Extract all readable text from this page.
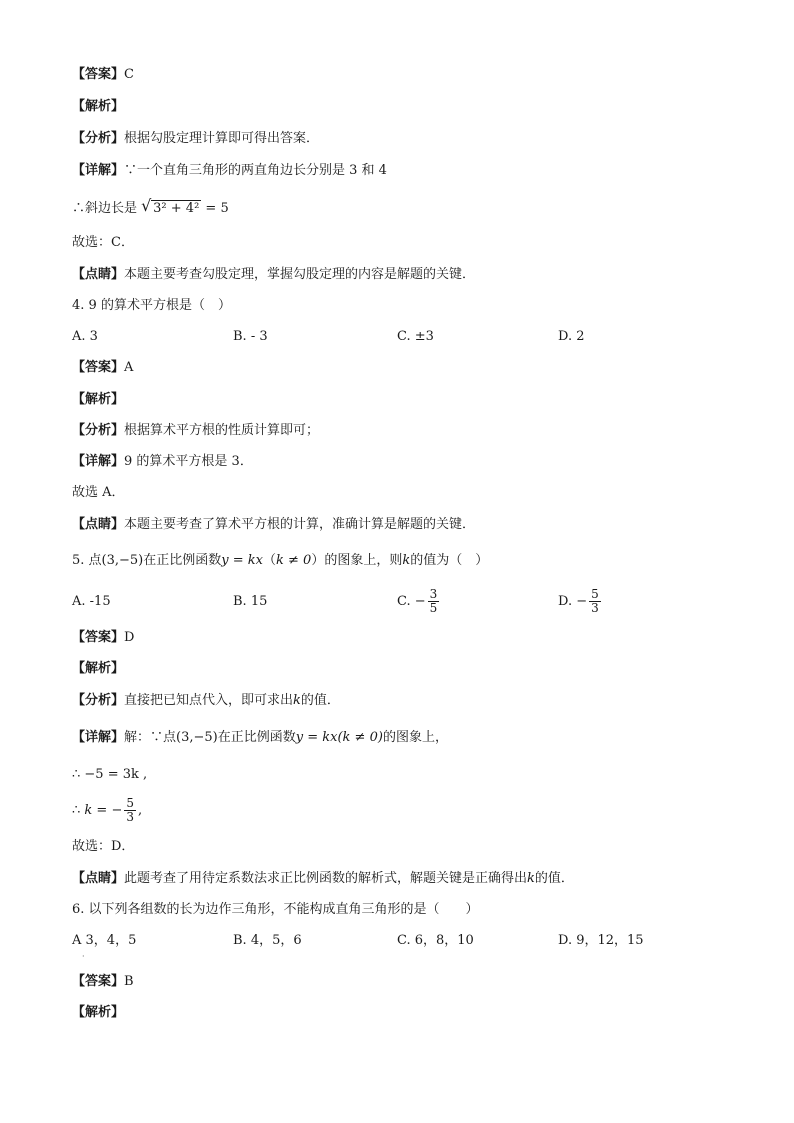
【答案】C
【解析】
【分析】根据勾股定理计算即可得出答案．
【详解】∵一个直角三角形的两直角边长分别是 3 和 4
∴斜边长是 √ 3² + 4² = 5
故选：C．
【点睛】本题主要考查勾股定理，掌握勾股定理的内容是解题的关键．
4. 9 的算术平方根是（　）
A. 3	B. - 3	C. ±3	D. 2
【答案】A
【解析】
【分析】根据算术平方根的性质计算即可；
【详解】9 的算术平方根是 3．
故选 A．
【点睛】本题主要考查了算术平方根的计算，准确计算是解题的关键．
5. 点(3,−5)在正比例函数y = kx（k ≠ 0）的图象上，则k的值为（　）
A. -15	B. 15	C. − $\frac{3}{5}$	D. − $\frac{5}{3}$
【答案】D
【解析】
【分析】直接把已知点代入，即可求出k的值．
【详解】解：∵点(3,−5)在正比例函数y = kx(k ≠ 0)的图象上，
∴ −5 = 3k ,
∴ k = − $\frac{5}{3}$ ,
故选：D．
【点睛】此题考查了用待定系数法求正比例函数的解析式，解题关键是正确得出k的值．
6. 以下列各组数的长为边作三角形，不能构成直角三角形的是（　　）
A 3，4，5
·
B. 4，5，6	C. 6，8，10	D. 9，12，15
【答案】B
【解析】
